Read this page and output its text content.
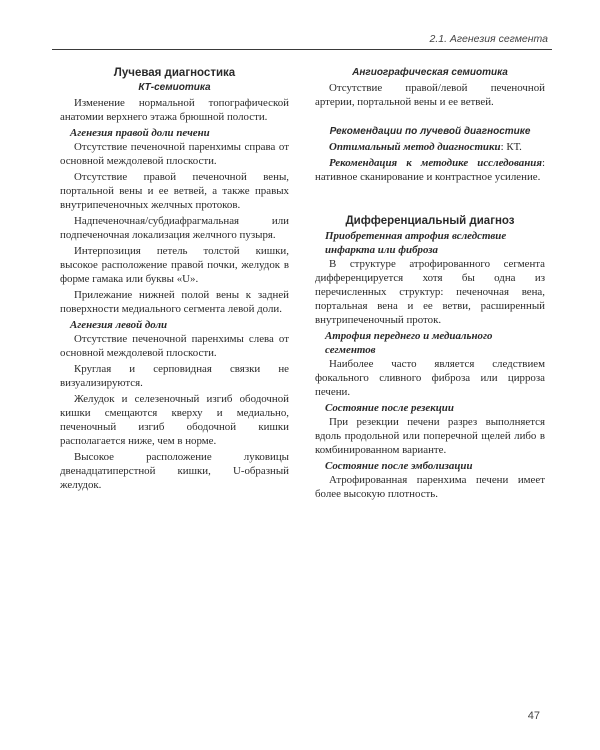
2.1. Агенезия сегмента
Лучевая диагностика
КТ-семиотика

Изменение нормальной топографической анатомии верхнего этажа брюшной полости.

Агенезия правой доли печени

Отсутствие печеночной паренхимы справа от основной междолевой плоскости.

Отсутствие правой печеночной вены, портальной вены и ее ветвей, а также правых внутрипеченочных желчных протоков.

Надпеченочная/субдиафрагмальная или подпеченочная локализация желчного пузыря.

Интерпозиция петель толстой кишки, высокое расположение правой почки, желудок в форме гамака или буквы «U».

Прилежание нижней полой вены к задней поверхности медиального сегмента левой доли.

Агенезия левой доли

Отсутствие печеночной паренхимы слева от основной междолевой плоскости.

Круглая и серповидная связки не визуализируются.

Желудок и селезеночный изгиб ободочной кишки смещаются кверху и медиально, печеночный изгиб ободочной кишки располагается ниже, чем в норме.

Высокое расположение луковицы двенадцатиперстной кишки, U-образный желудок.

Ангиографическая семиотика

Отсутствие правой/левой печеночной артерии, портальной вены и ее ветвей.

Рекомендации по лучевой диагностике

Оптимальный метод диагностики: КТ.

Рекомендация к методике исследования: нативное сканирование и контрастное усиление.

Дифференциальный диагноз
Приобретенная атрофия вследствие
инфаркта или фиброза

В структуре атрофированного сегмента дифференцируется хотя бы одна из перечисленных структур: печеночная вена, портальная вена и ее ветви, расширенный внутрипеченочный проток.

Атрофия переднего и медиального сегментов

Наиболее часто является следствием фокального сливного фиброза или цирроза печени.

Состояние после резекции

При резекции печени разрез выполняется вдоль продольной или поперечной щелей либо в комбинированном варианте.

Состояние после эмболизации

Атрофированная паренхима печени имеет более высокую плотность.

47
